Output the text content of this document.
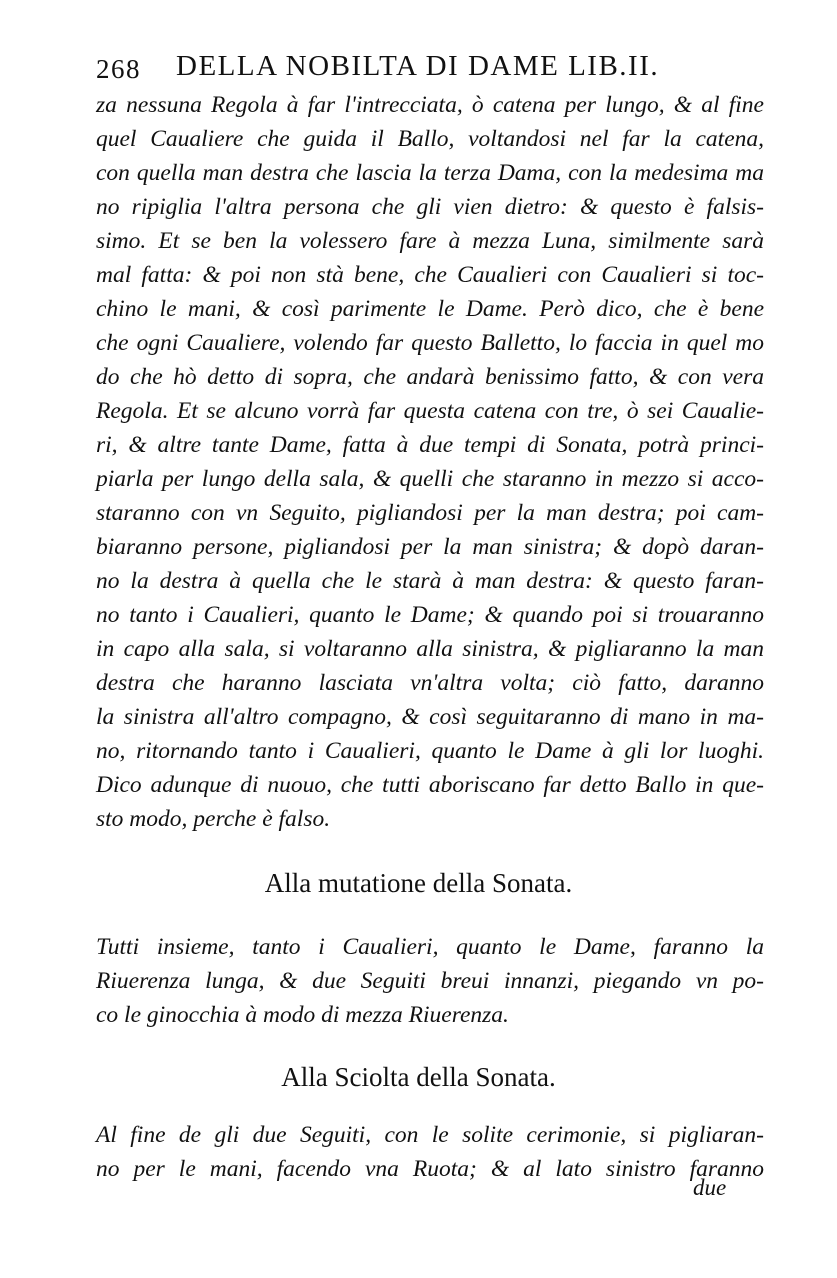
268 DELLA NOBILTA DI DAME LIB.II.
za nessuna Regola à far l'intrecciata, ò catena per lungo, & al fine
quel Caualiere che guida il Ballo, voltandosi nel far la catena,
con quella man destra che lascia la terza Dama, con la medesima ma
no ripiglia l'altra persona che gli vien dietro: & questo è falsis-
simo. Et se ben la volessero fare à mezza Luna, similmente sarà
mal fatta: & poi non stà bene, che Caualieri con Caualieri si toc-
chino le mani, & così parimente le Dame. Però dico, che è bene
che ogni Caualiere, volendo far questo Balletto, lo faccia in quel mo
do che hò detto di sopra, che andarà benissimo fatto, & con vera
Regola. Et se alcuno vorrà far questa catena con tre, ò sei Caualie-
ri, & altre tante Dame, fatta à due tempi di Sonata, potrà princi-
piarla per lungo della sala, & quelli che staranno in mezzo si acco-
staranno con vn Seguito, pigliandosi per la man destra; poi cam-
biaranno persone, pigliandosi per la man sinistra; & dopò daran-
no la destra à quella che le starà à man destra: & questo faran-
no tanto i Caualieri, quanto le Dame; & quando poi si trouaranno
in capo alla sala, si voltaranno alla sinistra, & pigliaranno la man
destra che haranno lasciata vn'altra volta; ciò fatto, daranno
la sinistra all'altro compagno, & così seguitaranno di mano in ma-
no, ritornando tanto i Caualieri, quanto le Dame à gli lor luoghi.
Dico adunque di nuouo, che tutti aboriscano far detto Ballo in que-
sto modo, perche è falso.
Alla mutatione della Sonata.
Tutti insieme, tanto i Caualieri, quanto le Dame, faranno la
Riuerenza lunga, & due Seguiti breui innanzi, piegando vn po-
co le ginocchia à modo di mezza Riuerenza.
Alla Sciolta della Sonata.
Al fine de gli due Seguiti, con le solite cerimonie, si pigliaran-
no per le mani, facendo vna Ruota; & al lato sinistro faranno
due
